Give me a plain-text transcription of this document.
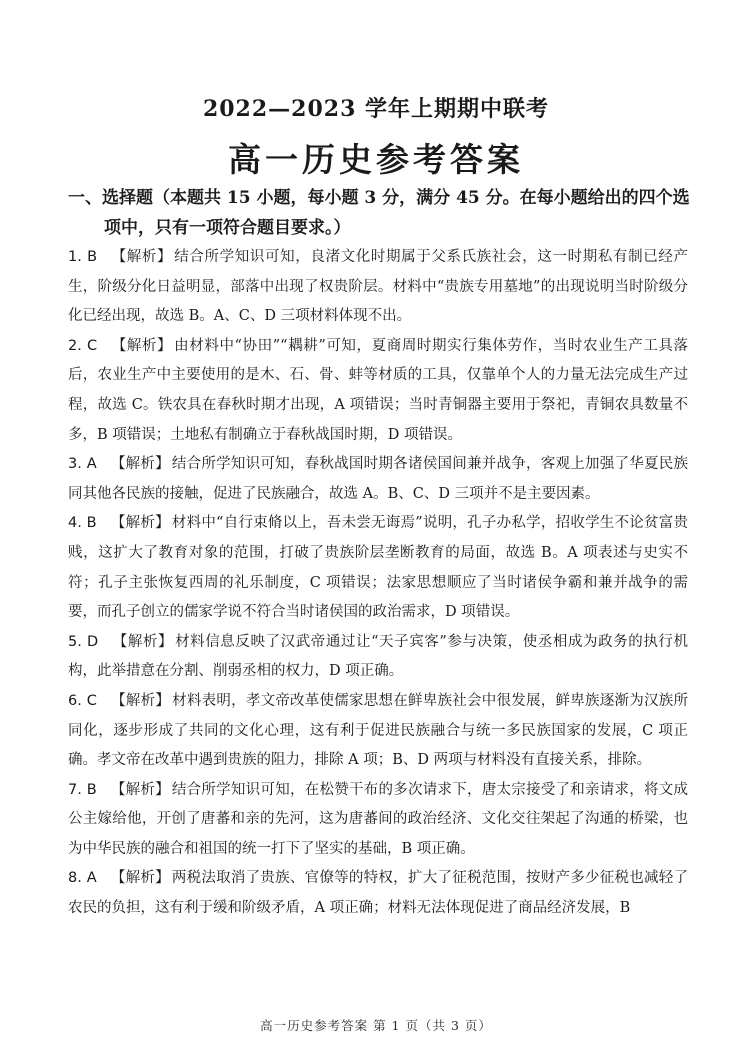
2022—2023 学年上期期中联考
高一历史参考答案
一、选择题（本题共 15 小题，每小题 3 分，满分 45 分。在每小题给出的四个选
项中，只有一项符合题目要求。）

1. B 【解析】 结合所学知识可知，良渚文化时期属于父系氏族社会，这一时期私有制已经产生，阶级分化日益明显，部落中出现了权贵阶层。材料中“贵族专用墓地”的出现说明当时阶级分化已经出现，故选 B。A、C、D 三项材料体现不出。

2. C 【解析】 由材料中“协田”“耦耕”可知，夏商周时期实行集体劳作，当时农业生产工具落后，农业生产中主要使用的是木、石、骨、蚌等材质的工具，仅靠单个人的力量无法完成生产过程，故选 C。铁农具在春秋时期才出现，A 项错误；当时青铜器主要用于祭祀，青铜农具数量不多，B 项错误；土地私有制确立于春秋战国时期，D 项错误。

3. A 【解析】 结合所学知识可知，春秋战国时期各诸侯国间兼并战争，客观上加强了华夏民族同其他各民族的接触，促进了民族融合，故选 A。B、C、D 三项并不是主要因素。

4. B 【解析】 材料中“自行束脩以上，吾未尝无诲焉”说明，孔子办私学，招收学生不论贫富贵贱，这扩大了教育对象的范围，打破了贵族阶层垄断教育的局面，故选 B。A 项表述与史实不符；孔子主张恢复西周的礼乐制度，C 项错误；法家思想顺应了当时诸侯争霸和兼并战争的需要，而孔子创立的儒家学说不符合当时诸侯国的政治需求，D 项错误。

5. D 【解析】 材料信息反映了汉武帝通过让“天子宾客”参与决策，使丞相成为政务的执行机构，此举措意在分割、削弱丞相的权力，D 项正确。

6. C 【解析】 材料表明，孝文帝改革使儒家思想在鲜卑族社会中很发展，鲜卑族逐渐为汉族所同化，逐步形成了共同的文化心理，这有利于促进民族融合与统一多民族国家的发展，C 项正确。孝文帝在改革中遇到贵族的阻力，排除 A 项；B、D 两项与材料没有直接关系，排除。

7. B 【解析】 结合所学知识可知，在松赞干布的多次请求下，唐太宗接受了和亲请求，将文成公主嫁给他，开创了唐蕃和亲的先河，这为唐蕃间的政治经济、文化交往架起了沟通的桥梁，也为中华民族的融合和祖国的统一打下了坚实的基础，B 项正确。

8. A 【解析】 两税法取消了贵族、官僚等的特权，扩大了征税范围，按财产多少征税也减轻了农民的负担，这有利于缓和阶级矛盾，A 项正确；材料无法体现促进了商品经济发展，B

高一历史参考答案 第 1 页（共 3 页）
